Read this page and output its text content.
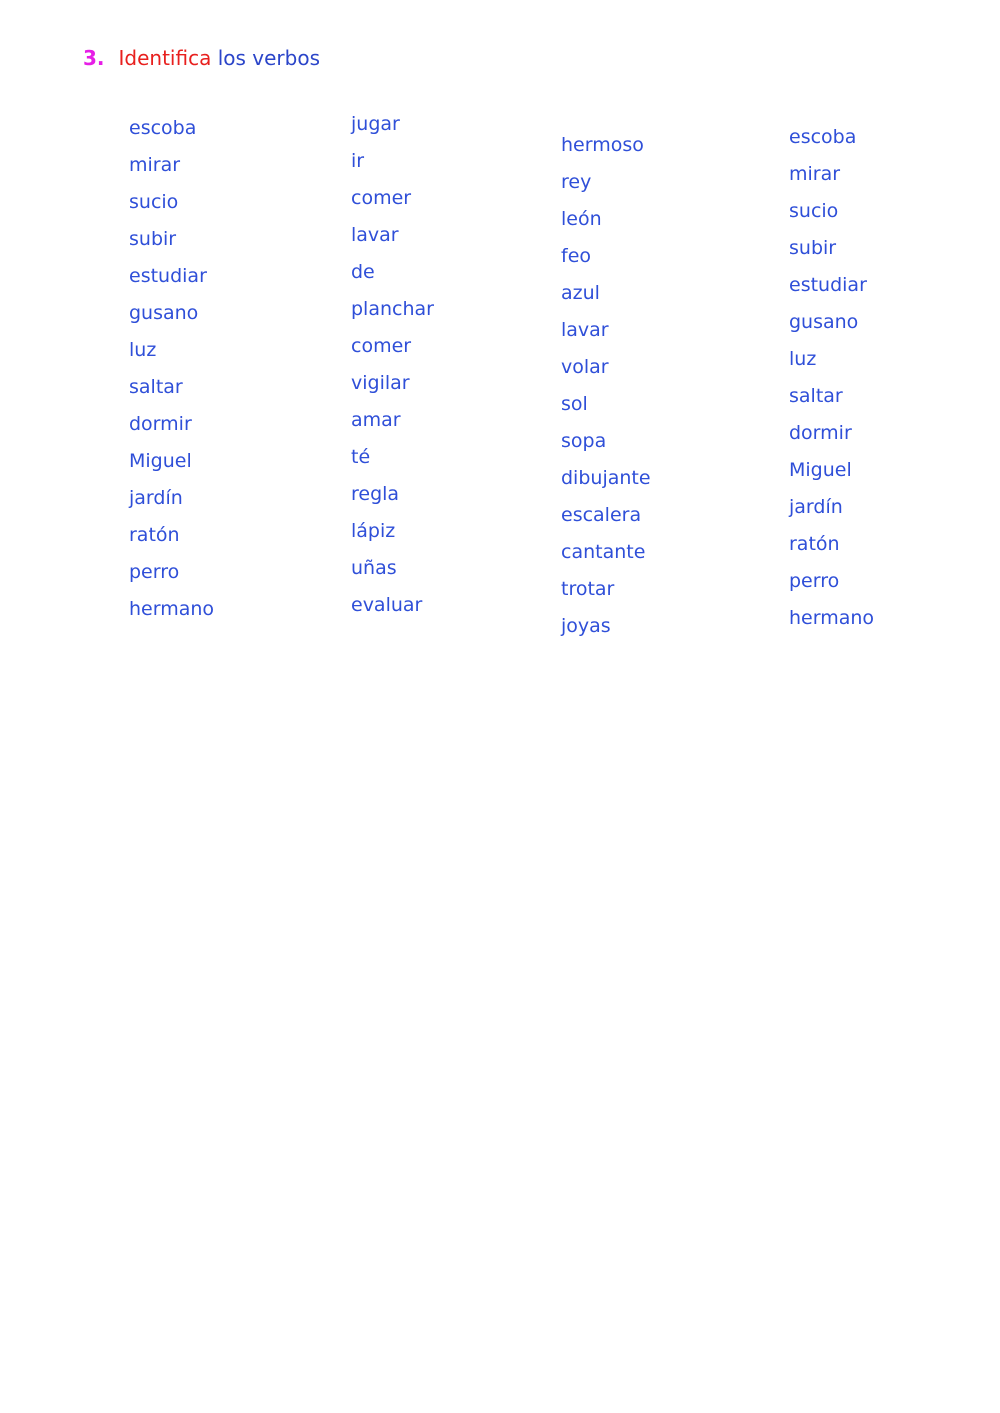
3. Identifica los verbos
escoba
mirar
sucio
subir
estudiar
gusano
luz
saltar
dormir
Miguel
jardín
ratón
perro
hermano
jugar
ir
comer
lavar
de
planchar
comer
vigilar
amar
té
regla
lápiz
uñas
evaluar
hermoso
rey
león
feo
azul
lavar
volar
sol
sopa
dibujante
escalera
cantante
trotar
joyas
escoba
mirar
sucio
subir
estudiar
gusano
luz
saltar
dormir
Miguel
jardín
ratón
perro
hermano
